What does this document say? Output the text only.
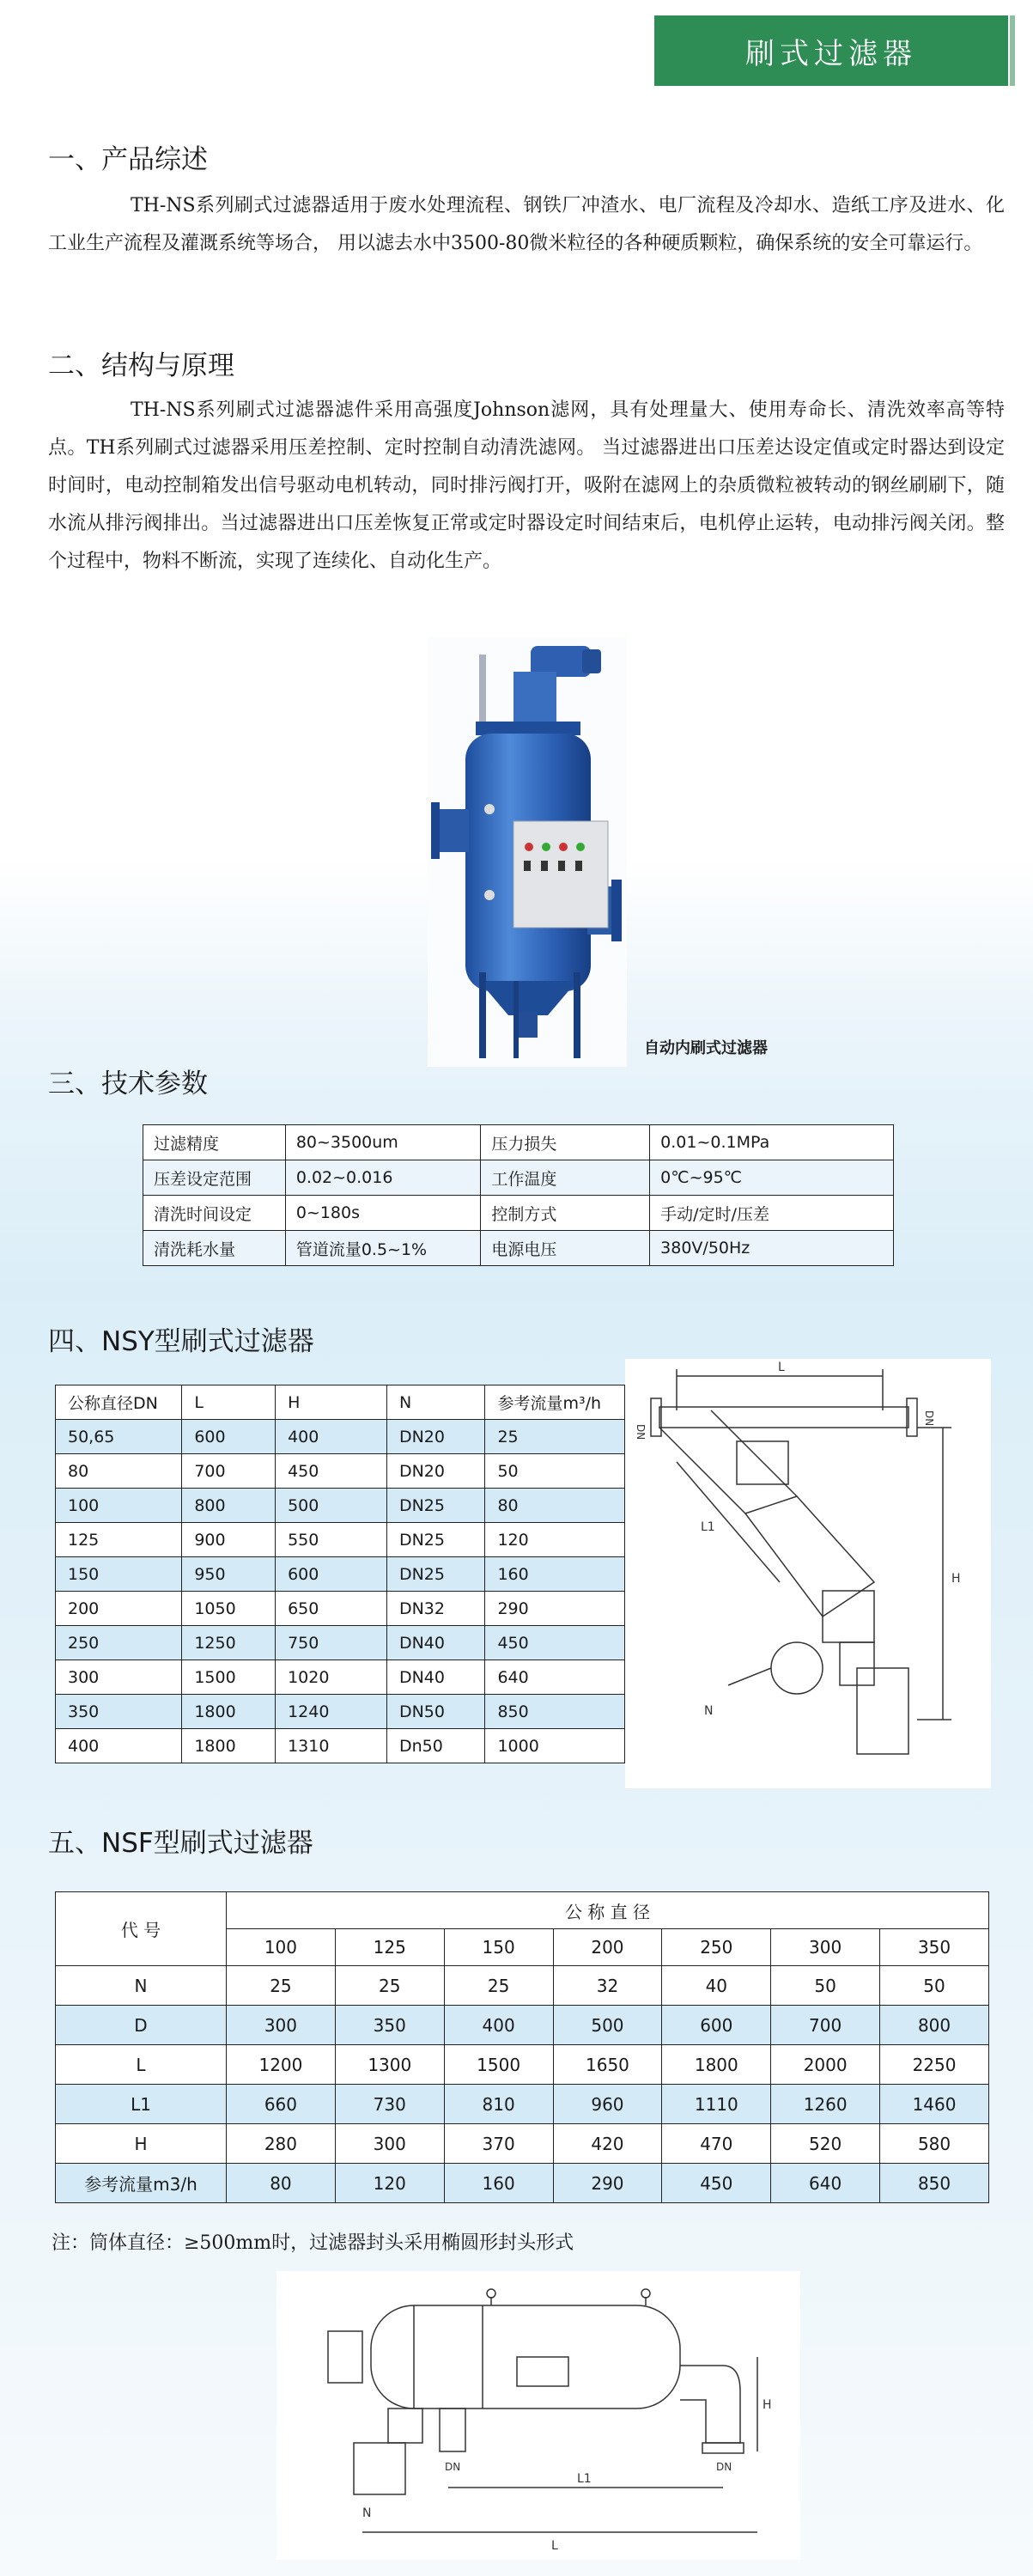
刷式过滤器
一、产品综述

TH-NS系列刷式过滤器适用于废水处理流程、钢铁厂冲渣水、电厂流程及冷却水、造纸工序及进水、化工业生产流程及灌溉系统等场合， 用以滤去水中3500-80微米粒径的各种硬质颗粒，确保系统的安全可靠运行。

二、结构与原理

TH-NS系列刷式过滤器滤件采用高强度Johnson滤网，具有处理量大、使用寿命长、清洗效率高等特点。TH系列刷式过滤器采用压差控制、定时控制自动清洗滤网。 当过滤器进出口压差达设定值或定时器达到设定时间时，电动控制箱发出信号驱动电机转动，同时排污阀打开，吸附在滤网上的杂质微粒被转动的钢丝刷刷下，随水流从排污阀排出。当过滤器进出口压差恢复正常或定时器设定时间结束后，电机停止运转，电动排污阀关闭。整个过程中，物料不断流，实现了连续化、自动化生产。

自动内刷式过滤器
三、技术参数
过滤精度	80~3500um	压力损失	0.01~0.1MPa
压差设定范围	0.02~0.016	工作温度	0℃~95℃
清洗时间设定	0~180s	控制方式	手动/定时/压差
清洗耗水量	管道流量0.5~1%	电源电压	380V/50Hz
四、NSY型刷式过滤器
公称直径DN	L	H	N	参考流量m³/h
50,65	600	400	DN20	25
80	700	450	DN20	50
100	800	500	DN25	80
125	900	550	DN25	120
150	950	600	DN25	160
200	1050	650	DN32	290
250	1250	750	DN40	450
300	1500	1020	DN40	640
350	1800	1240	DN50	850
400	1800	1310	Dn50	1000
L
DN
DN
L1
H
N
五、NSF型刷式过滤器
代 号	公 称 直 径						
	100	125	150	200	250	300	350
N	25	25	25	32	40	50	50
D	300	350	400	500	600	700	800
L	1200	1300	1500	1650	1800	2000	2250
L1	660	730	810	960	1110	1260	1460
H	280	300	370	420	470	520	580
参考流量m3/h	80	120	160	290	450	640	850
注：筒体直径：≥500mm时，过滤器封头采用椭圆形封头形式
H
DN	DN
L1
N
L
